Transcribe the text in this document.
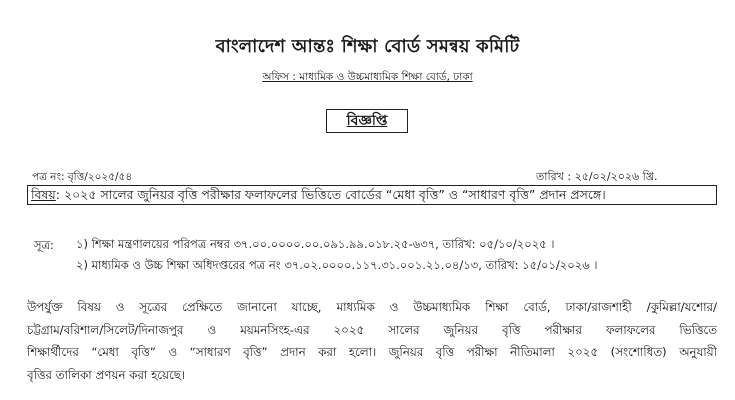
বাংলাদেশ আন্তঃ শিক্ষা বোর্ড সমন্বয় কমিটি
অফিস : মাধ্যমিক ও উচ্চমাধ্যমিক শিক্ষা বোর্ড, ঢাকা
বিজ্ঞপ্তি
পত্র নং: বৃত্তি/২০২৫/৫৪	তারিখ : ২৫/০২/২০২৬ খ্রি.
বিষয়: ২০২৫ সালের জুনিয়র বৃত্তি পরীক্ষার ফলাফলের ভিত্তিতে বোর্ডের “মেধা বৃত্তি” ও “সাধারণ বৃত্তি” প্রদান প্রসঙ্গে।
সূত্র: ১) শিক্ষা মন্ত্রণালয়ের পরিপত্র নম্বর ৩৭.০০.০০০০.০০.০৯১.৯৯.০১৮.২৫-৬৩৭, তারিখ: ০৫/১০/২০২৫ ।
২) মাধ্যমিক ও উচ্চ শিক্ষা অধিদপ্তরের পত্র নং ৩৭.০২.০০০০.১১৭.৩১.০০১.২১.০৪/১৩, তারিখ: ১৫/০১/২০২৬ ।
উপর্যুক্ত বিষয় ও সূত্রের প্রেক্ষিতে জানানো যাচ্ছে, মাধ্যমিক ও উচ্চমাধ্যমিক শিক্ষা বোর্ড, ঢাকা/রাজশাহী /কুমিল্লা/যশোর/
চট্টগ্রাম/বরিশাল/সিলেট/দিনাজপুর ও ময়মনসিংহ-এর ২০২৫ সালের জুনিয়র বৃত্তি পরীক্ষার ফলাফলের ভিত্তিতে
শিক্ষার্থীদের “মেধা বৃত্তি” ও “সাধারণ বৃত্তি” প্রদান করা হলো। জুনিয়র বৃত্তি পরীক্ষা নীতিমালা ২০২৫ (সংশোধিত) অনুযায়ী
বৃত্তির তালিকা প্রণয়ন করা হয়েছে।
